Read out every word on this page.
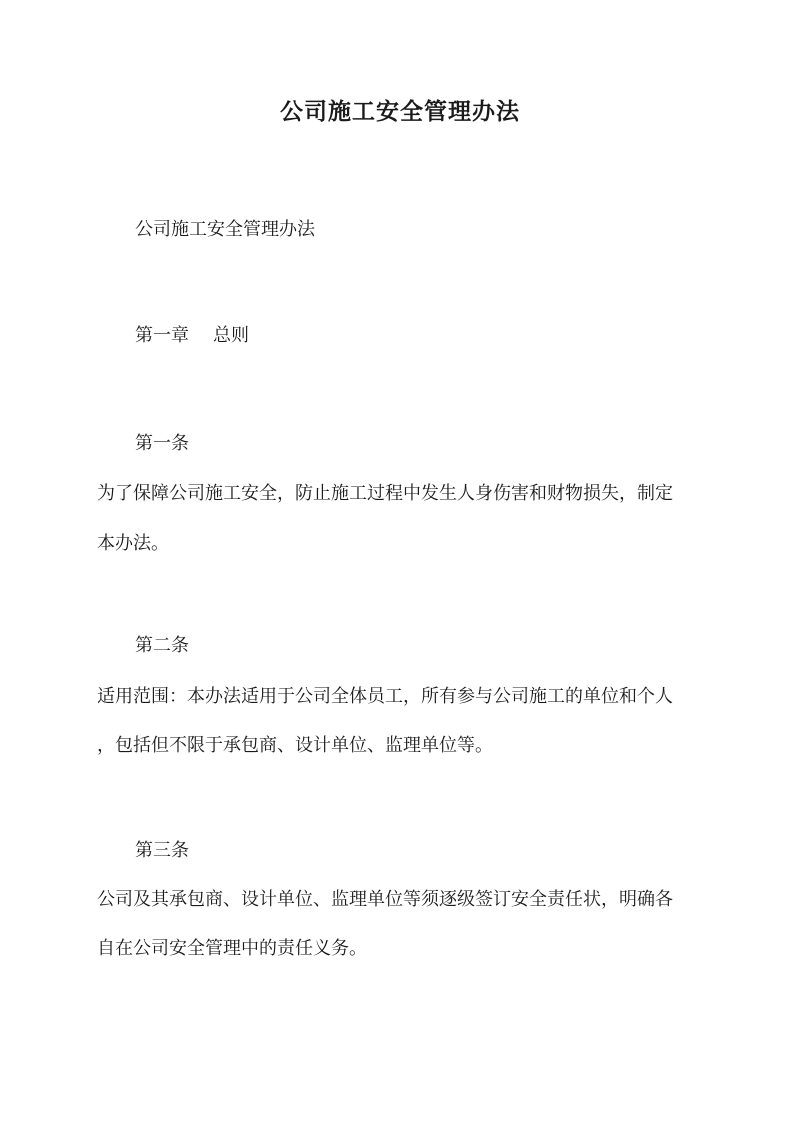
公司施工安全管理办法

公司施工安全管理办法

第一章 总则

第一条

为了保障公司施工安全，防止施工过程中发生人身伤害和财物损失，制定

本办法。

第二条

适用范围：本办法适用于公司全体员工，所有参与公司施工的单位和个人

，包括但不限于承包商、设计单位、监理单位等。

第三条

公司及其承包商、设计单位、监理单位等须逐级签订安全责任状，明确各

自在公司安全管理中的责任义务。
